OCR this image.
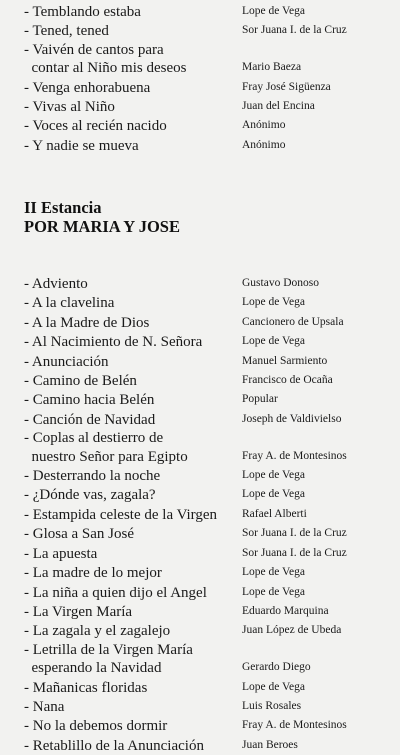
- Temblando estaba	Lope de Vega
- Tened, tened	Sor Juana I. de la Cruz
- Vaivén de cantos para
contar al Niño mis deseos	Mario Baeza
- Venga enhorabuena	Fray José Sigüenza
- Vivas al Niño	Juan del Encina
- Voces al recién nacido	Anónimo
- Y nadie se mueva	Anónimo
II Estancia
POR MARIA Y JOSE
- Adviento	Gustavo Donoso
- A la clavelina	Lope de Vega
- A la Madre de Dios	Cancionero de Upsala
- Al Nacimiento de N. Señora	Lope de Vega
- Anunciación	Manuel Sarmiento
- Camino de Belén	Francisco de Ocaña
- Camino hacia Belén	Popular
- Canción de Navidad	Joseph de Valdivielso
- Coplas al destierro de
nuestro Señor para Egipto	Fray A. de Montesinos
- Desterrando la noche	Lope de Vega
- ¿Dónde vas, zagala?	Lope de Vega
- Estampida celeste de la Virgen	Rafael Alberti
- Glosa a San José	Sor Juana I. de la Cruz
- La apuesta	Sor Juana I. de la Cruz
- La madre de lo mejor	Lope de Vega
- La niña a quien dijo el Angel	Lope de Vega
- La Virgen María	Eduardo Marquina
- La zagala y el zagalejo	Juan López de Ubeda
- Letrilla de la Virgen María
esperando la Navidad	Gerardo Diego
- Mañanicas floridas	Lope de Vega
- Nana	Luis Rosales
- No la debemos dormir	Fray A. de Montesinos
- Retablillo de la Anunciación	Juan Beroes
